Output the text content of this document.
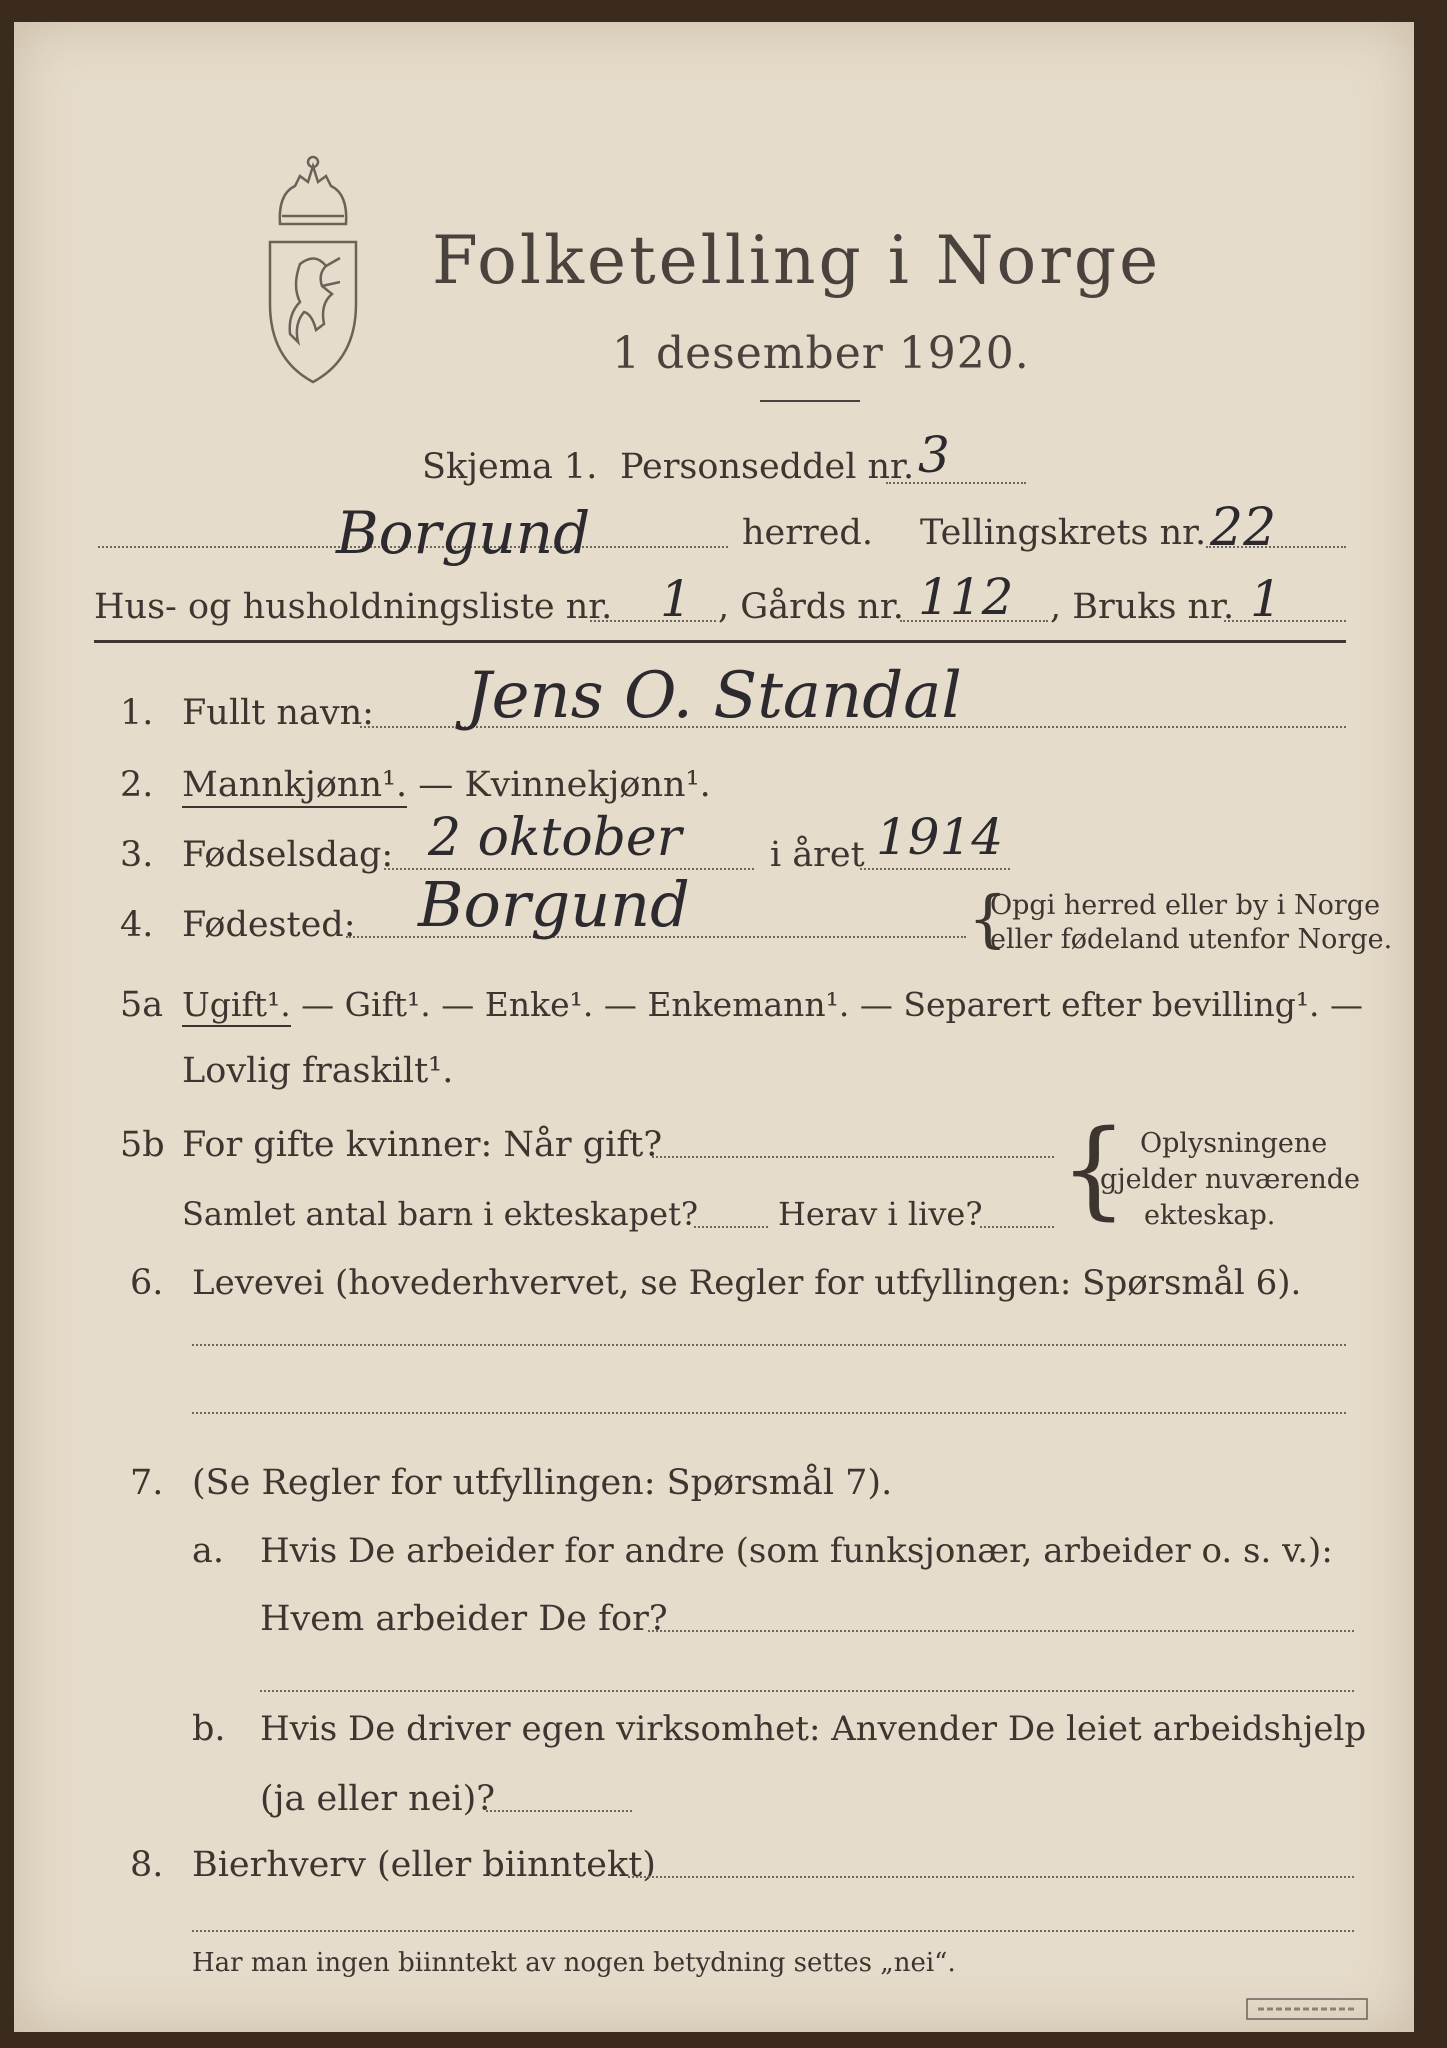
Folketelling i Norge
1 desember 1920.
Skjema 1. Personseddel nr. 3
Borgund	herred. Tellingskrets nr. 22
Hus- og husholdningsliste nr. 1 , Gårds nr. 112 , Bruks nr. 1
1. Fullt navn: Jens O. Standal
2. Mannkjønn¹. — Kvinnekjønn¹.
3. Fødselsdag: 2 oktober	i året 1914
4. Fødested: Borgund	{
Opgi herred eller by i Norge
eller fødeland utenfor Norge.
5a Ugift¹. — Gift¹. — Enke¹. — Enkemann¹. — Separert efter bevilling¹. —
Lovlig fraskilt¹.
5b For gifte kvinner: Når gift?
Samlet antal barn i ekteskapet? Herav i live? { Oplysningene
gjelder nuværende
ekteskap.
6. Levevei (hovederhvervet, se Regler for utfyllingen: Spørsmål 6).
7. (Se Regler for utfyllingen: Spørsmål 7).
a. Hvis De arbeider for andre (som funksjonær, arbeider o. s. v.):
Hvem arbeider De for?
b. Hvis De driver egen virksomhet: Anvender De leiet arbeidshjelp
(ja eller nei)?
8. Bierhverv (eller biinntekt)
Har man ingen biinntekt av nogen betydning settes „nei“.
